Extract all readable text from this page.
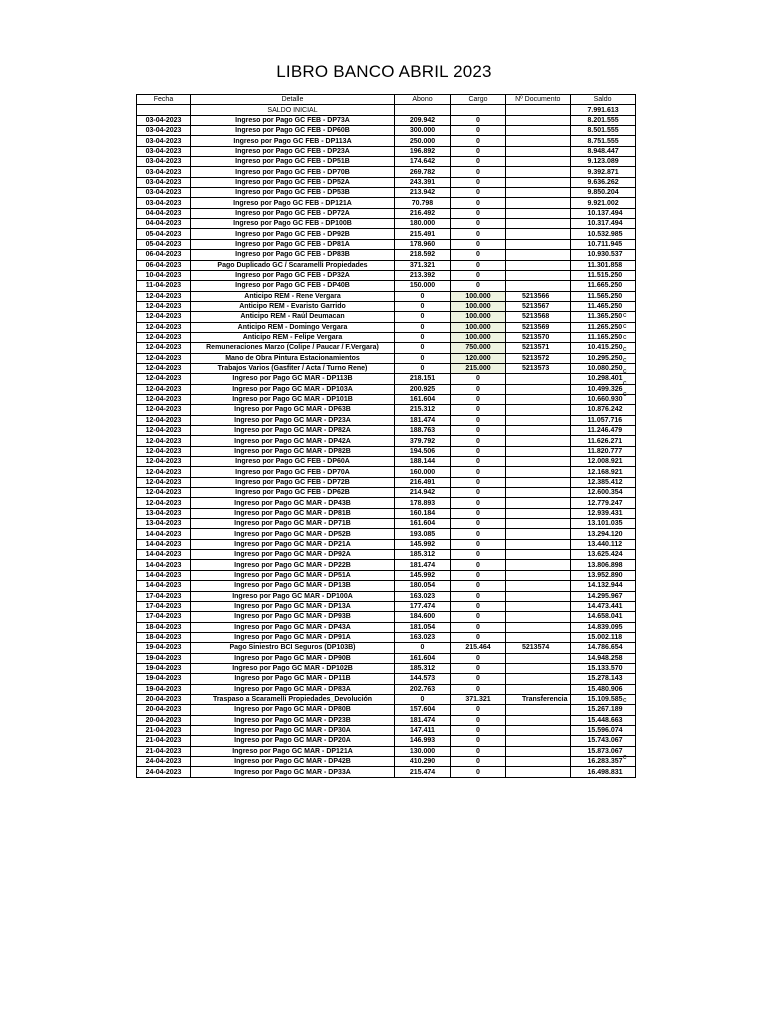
LIBRO BANCO ABRIL 2023
Fecha	Detalle	Abono	Cargo	Nº Documento	Saldo
	SALDO INICIAL				7.991.613
03-04-2023	Ingreso por Pago GC FEB - DP73A	209.942	0		8.201.555
03-04-2023	Ingreso por Pago GC FEB - DP60B	300.000	0		8.501.555
03-04-2023	Ingreso por Pago GC FEB - DP113A	250.000	0		8.751.555
03-04-2023	Ingreso por Pago GC FEB - DP23A	196.892	0		8.948.447
03-04-2023	Ingreso por Pago GC FEB - DP51B	174.642	0		9.123.089
03-04-2023	Ingreso por Pago GC FEB - DP70B	269.782	0		9.392.871
03-04-2023	Ingreso por Pago GC FEB - DP52A	243.391	0		9.636.262
03-04-2023	Ingreso por Pago GC FEB - DP53B	213.942	0		9.850.204
03-04-2023	Ingreso por Pago GC FEB - DP121A	70.798	0		9.921.002
04-04-2023	Ingreso por Pago GC FEB - DP72A	216.492	0		10.137.494
04-04-2023	Ingreso por Pago GC FEB - DP100B	180.000	0		10.317.494
05-04-2023	Ingreso por Pago GC FEB - DP92B	215.491	0		10.532.985
05-04-2023	Ingreso por Pago GC FEB - DP81A	178.960	0		10.711.945
06-04-2023	Ingreso por Pago GC FEB - DP83B	218.592	0		10.930.537
06-04-2023	Pago Duplicado GC / Scaramelli Propiedades	371.321	0		11.301.858
10-04-2023	Ingreso por Pago GC FEB - DP32A	213.392	0		11.515.250
11-04-2023	Ingreso por Pago GC FEB - DP40B	150.000	0		11.665.250
12-04-2023	Anticipo REM - Rene Vergara	0	100.000	5213566	11.565.250
12-04-2023	Anticipo REM - Evaristo Garrido	0	100.000	5213567	11.465.250
12-04-2023	Anticipo REM - Raúl Deumacan	0	100.000	5213568	11.365.250
12-04-2023	Anticipo REM - Domingo Vergara	0	100.000	5213569	11.265.250
12-04-2023	Anticipo REM - Felipe Vergara	0	100.000	5213570	11.165.250
12-04-2023	Remuneraciones Marzo (Colipe / Paucar / F.Vergara)	0	750.000	5213571	10.415.250
12-04-2023	Mano de Obra Pintura Estacionamientos	0	120.000	5213572	10.295.250
12-04-2023	Trabajos Varios (Gasfiter / Acta / Turno Rene)	0	215.000	5213573	10.080.250
12-04-2023	Ingreso por Pago GC MAR - DP113B	218.151	0		10.298.401
12-04-2023	Ingreso por Pago GC MAR - DP103A	200.925	0		10.499.326
12-04-2023	Ingreso por Pago GC MAR - DP101B	161.604	0		10.660.930
12-04-2023	Ingreso por Pago GC MAR - DP63B	215.312	0		10.876.242
12-04-2023	Ingreso por Pago GC MAR - DP23A	181.474	0		11.057.716
12-04-2023	Ingreso por Pago GC MAR - DP82A	188.763	0		11.246.479
12-04-2023	Ingreso por Pago GC MAR - DP42A	379.792	0		11.626.271
12-04-2023	Ingreso por Pago GC MAR - DP82B	194.506	0		11.820.777
12-04-2023	Ingreso por Pago GC FEB - DP60A	188.144	0		12.008.921
12-04-2023	Ingreso por Pago GC FEB - DP70A	160.000	0		12.168.921
12-04-2023	Ingreso por Pago GC FEB - DP72B	216.491	0		12.385.412
12-04-2023	Ingreso por Pago GC FEB - DP62B	214.942	0		12.600.354
12-04-2023	Ingreso por Pago GC MAR - DP43B	178.893	0		12.779.247
13-04-2023	Ingreso por Pago GC MAR - DP81B	160.184	0		12.939.431
13-04-2023	Ingreso por Pago GC MAR - DP71B	161.604	0		13.101.035
14-04-2023	Ingreso por Pago GC MAR - DP52B	193.085	0		13.294.120
14-04-2023	Ingreso por Pago GC MAR - DP21A	145.992	0		13.440.112
14-04-2023	Ingreso por Pago GC MAR - DP92A	185.312	0		13.625.424
14-04-2023	Ingreso por Pago GC MAR - DP22B	181.474	0		13.806.898
14-04-2023	Ingreso por Pago GC MAR - DP51A	145.992	0		13.952.890
14-04-2023	Ingreso por Pago GC MAR - DP13B	180.054	0		14.132.944
17-04-2023	Ingreso por Pago GC MAR - DP100A	163.023	0		14.295.967
17-04-2023	Ingreso por Pago GC MAR - DP13A	177.474	0		14.473.441
17-04-2023	Ingreso por Pago GC MAR - DP93B	184.600	0		14.658.041
18-04-2023	Ingreso por Pago GC MAR - DP43A	181.054	0		14.839.095
18-04-2023	Ingreso por Pago GC MAR - DP91A	163.023	0		15.002.118
19-04-2023	Pago Siniestro BCI Seguros (DP103B)	0	215.464	5213574	14.786.654
19-04-2023	Ingreso por Pago GC MAR - DP90B	161.604	0		14.948.258
19-04-2023	Ingreso por Pago GC MAR - DP102B	185.312	0		15.133.570
19-04-2023	Ingreso por Pago GC MAR - DP11B	144.573	0		15.278.143
19-04-2023	Ingreso por Pago GC MAR - DP83A	202.763	0		15.480.906
20-04-2023	Traspaso a Scaramelli Propiedades_Devolución	0	371.321	Transferencia	15.109.585
20-04-2023	Ingreso por Pago GC MAR - DP80B	157.604	0		15.267.189
20-04-2023	Ingreso por Pago GC MAR - DP23B	181.474	0		15.448.663
21-04-2023	Ingreso por Pago GC MAR - DP30A	147.411	0		15.596.074
21-04-2023	Ingreso por Pago GC MAR - DP20A	146.993	0		15.743.067
21-04-2023	Ingreso por Pago GC MAR - DP121A	130.000	0		15.873.067
24-04-2023	Ingreso por Pago GC MAR - DP42B	410.290	0		16.283.357
24-04-2023	Ingreso por Pago GC MAR - DP33A	215.474	0		16.498.831
c
c
c
c
c
c
c
c
c
c
